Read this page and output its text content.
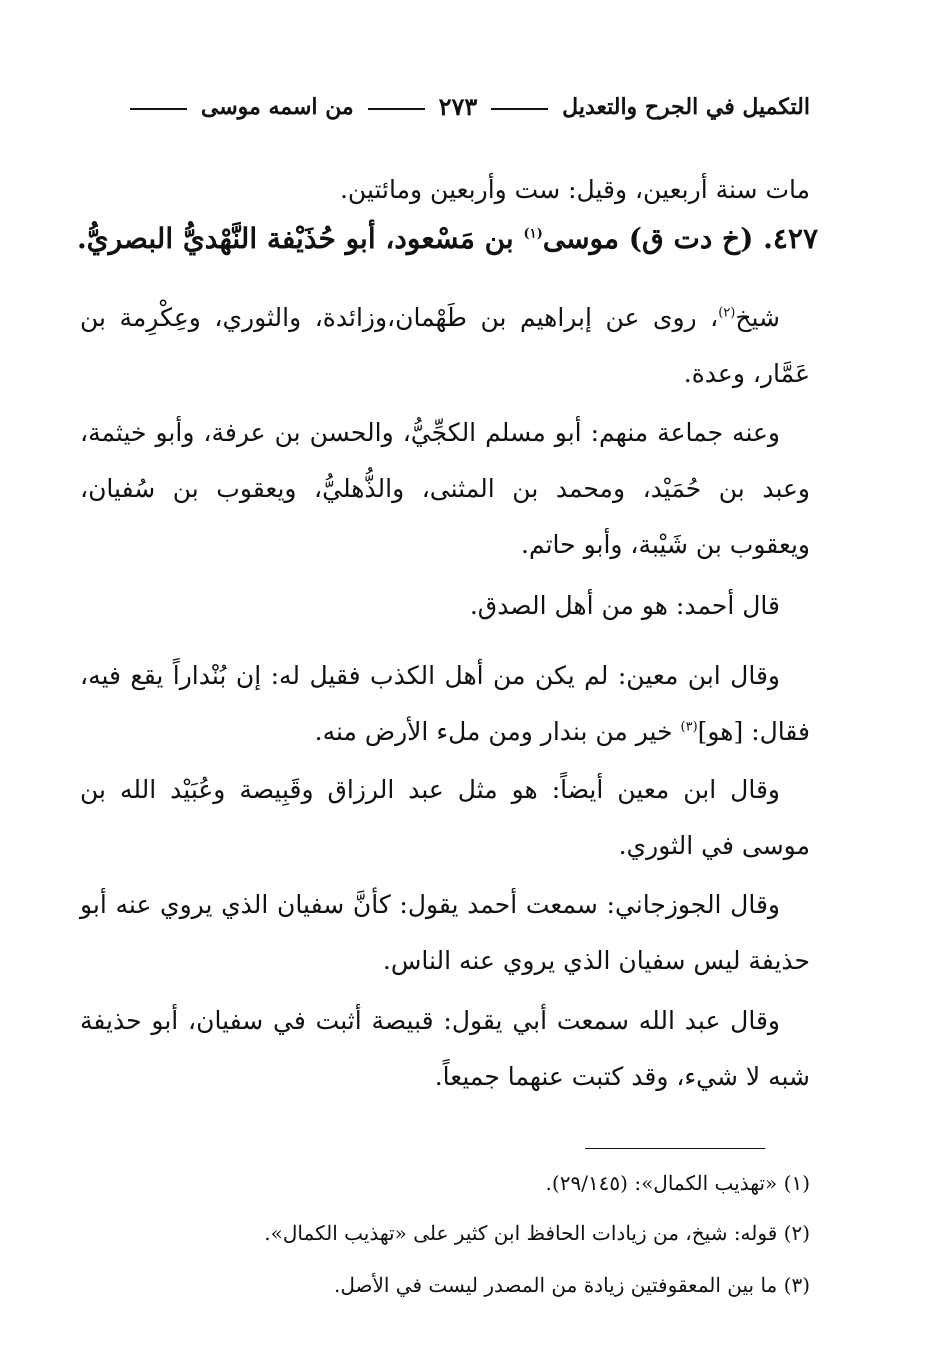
التكميل في الجرح والتعديل
٢٧٣
من اسمه موسى

مات سنة أربعين، وقيل: ست وأربعين ومائتين.

٤٢٧. (خ دت ق) موسى$^{(١)}$ بن مَسْعود، أبو حُذَيْفة النَّهْديُّ البصريُّ.

شيخ$^{(٢)}$، روى عن إبراهيم بن طَهْمان،وزائدة، والثوري، وعِكْرِمة بن عَمَّار، وعدة.

وعنه جماعة منهم: أبو مسلم الكجِّيُّ، والحسن بن عرفة، وأبو خيثمة، وعبد بن حُمَيْد، ومحمد بن المثنى، والذُّهليُّ، ويعقوب بن سُفيان، ويعقوب بن شَيْبة، وأبو حاتم.

قال أحمد: هو من أهل الصدق.

وقال ابن معين: لم يكن من أهل الكذب فقيل له: إن بُنْداراً يقع فيه، فقال: [هو]$^{(٣)}$ خير من بندار ومن ملء الأرض منه.

وقال ابن معين أيضاً: هو مثل عبد الرزاق وقَبِيصة وعُبَيْد الله بن موسى في الثوري.

وقال الجوزجاني: سمعت أحمد يقول: كأنَّ سفيان الذي يروي عنه أبو حذيفة ليس سفيان الذي يروي عنه الناس.

وقال عبد الله سمعت أبي يقول: قبيصة أثبت في سفيان، أبو حذيفة شبه لا شيء، وقد كتبت عنهما جميعاً.

(١) «تهذيب الكمال»: (٢٩/١٤٥).
(٢) قوله: شيخ، من زيادات الحافظ ابن كثير على «تهذيب الكمال».
(٣) ما بين المعقوفتين زيادة من المصدر ليست في الأصل.
